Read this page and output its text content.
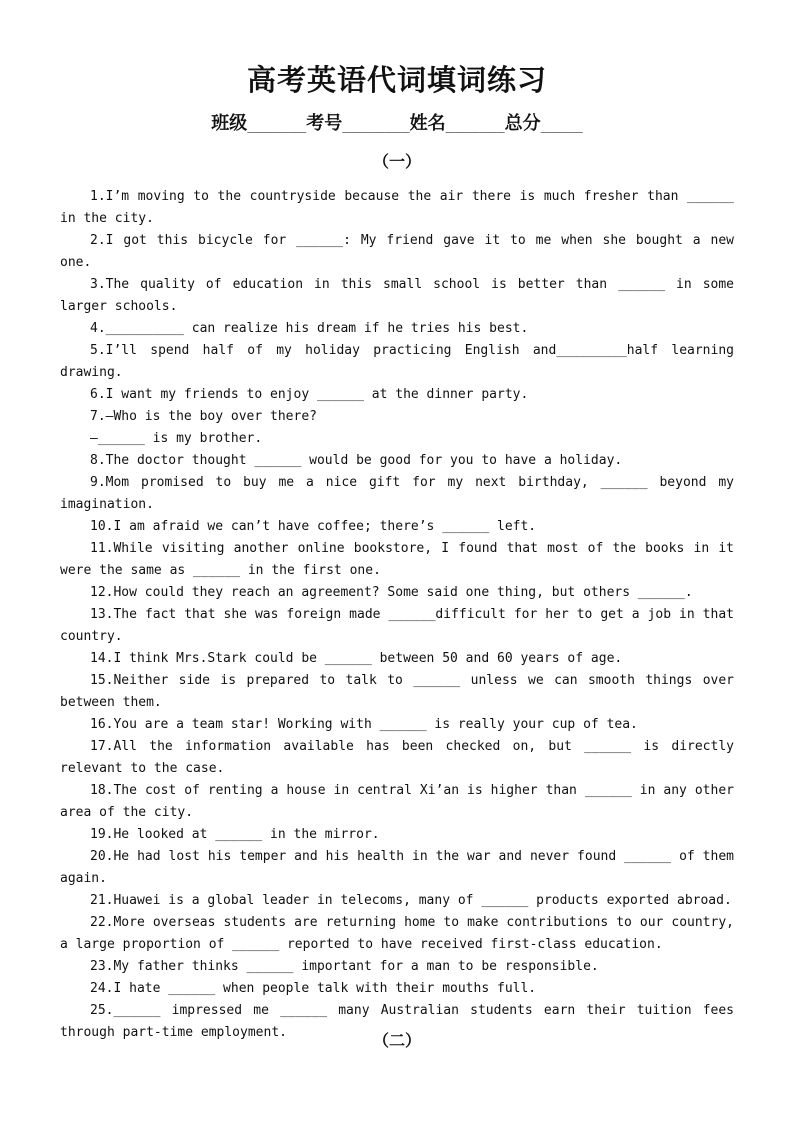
高考英语代词填词练习
班级_______考号________姓名_______总分_____
（一）

1.I’m moving to the countryside because the air there is much fresher than ______ in the city.

2.I got this bicycle for ______: My friend gave it to me when she bought a new one.

3.The quality of education in this small school is better than ______ in some larger schools.

4.__________ can realize his dream if he tries his best.

5.I’ll spend half of my holiday practicing English and_________half learning drawing.

6.I want my friends to enjoy ______ at the dinner party.

7.—Who is the boy over there?

—______ is my brother.

8.The doctor thought ______ would be good for you to have a holiday.

9.Mom promised to buy me a nice gift for my next birthday, ______ beyond my imagination.

10.I am afraid we can’t have coffee; there’s ______ left.

11.While visiting another online bookstore, I found that most of the books in it were the same as ______ in the first one.

12.How could they reach an agreement? Some said one thing, but others ______.

13.The fact that she was foreign made ______difficult for her to get a job in that country.

14.I think Mrs.Stark could be ______ between 50 and 60 years of age.

15.Neither side is prepared to talk to ______ unless we can smooth things over between them.

16.You are a team star! Working with ______ is really your cup of tea.

17.All the information available has been checked on, but ______ is directly relevant to the case.

18.The cost of renting a house in central Xi’an is higher than ______ in any other area of the city.

19.He looked at ______ in the mirror.

20.He had lost his temper and his health in the war and never found ______ of them again.

21.Huawei is a global leader in telecoms, many of ______ products exported abroad.

22.More overseas students are returning home to make contributions to our country, a large proportion of ______ reported to have received first-class education.

23.My father thinks ______ important for a man to be responsible.

24.I hate ______ when people talk with their mouths full.

25.______ impressed me ______ many Australian students earn their tuition fees through part-time employment.	（二）
